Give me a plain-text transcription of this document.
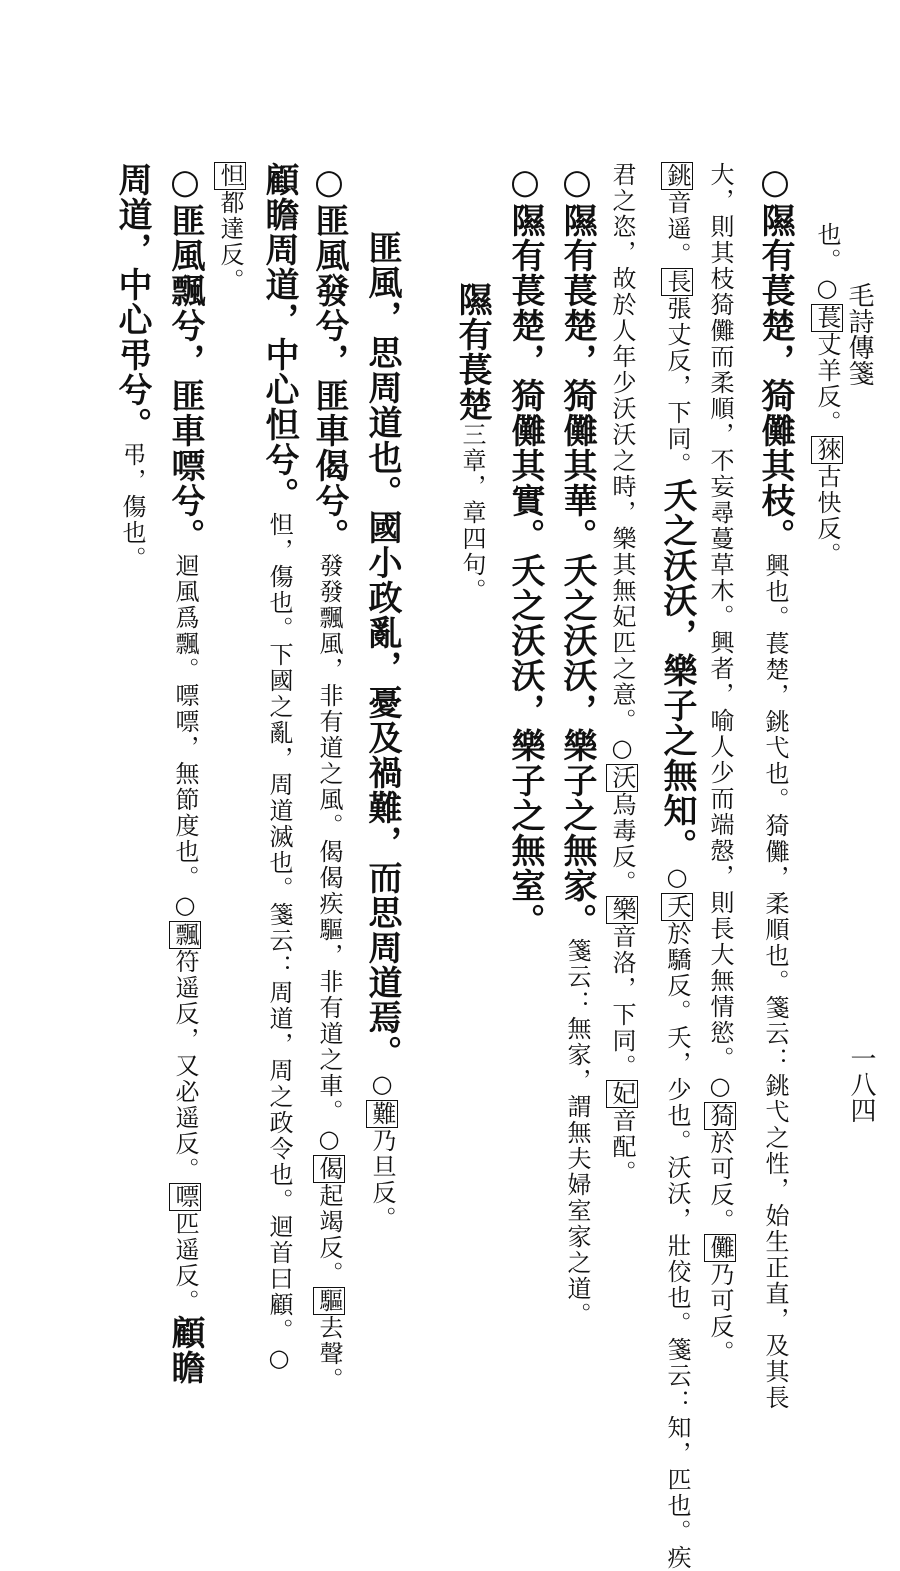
毛詩傳箋
一八四
也。○萇丈羊反。猍古快反。
○隰有萇楚，猗儺其枝。興也。萇楚，銚弋也。猗儺，柔順也。箋云：銚弋之性，始生正直，及其長
大，則其枝猗儺而柔順，不妄尋蔓草木。興者，喻人少而端慤，則長大無情慾。○猗於可反。儺乃可反。
銚音遥。長張丈反，下同。夭之沃沃，樂子之無知。○夭於驕反。夭，少也。沃沃，壯佼也。箋云：知，匹也。疾
君之恣，故於人年少沃沃之時，樂其無妃匹之意。○沃烏毒反。樂音洛，下同。妃音配。
○隰有萇楚，猗儺其華。夭之沃沃，樂子之無家。箋云：無家，謂無夫婦室家之道。
○隰有萇楚，猗儺其實。夭之沃沃，樂子之無室。
隰有萇楚三章，章四句。
匪風，思周道也。國小政亂，憂及禍難，而思周道焉。○難乃旦反。
○匪風發兮，匪車偈兮。發發飄風，非有道之風。偈偈疾驅，非有道之車。○偈起竭反。驅去聲。
顧瞻周道，中心怛兮。怛，傷也。下國之亂，周道滅也。箋云：周道，周之政令也。迴首曰顧。○
怛都達反。
○匪風飄兮，匪車嘌兮。迴風爲飄。嘌嘌，無節度也。○飄符遥反，又必遥反。嘌匹遥反。顧瞻
周道，中心弔兮。弔，傷也。
